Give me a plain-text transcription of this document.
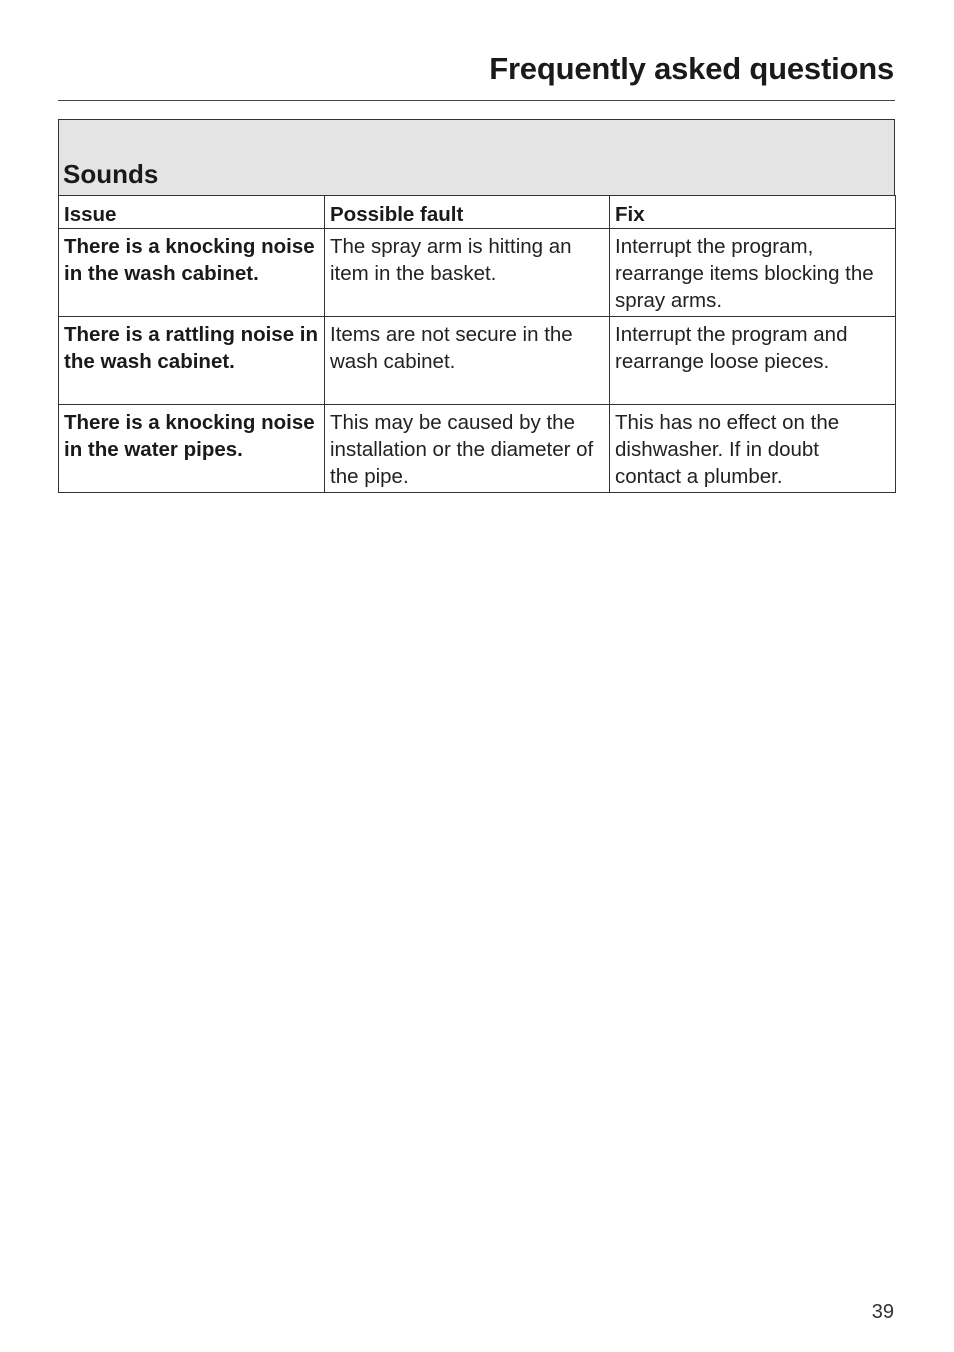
Frequently asked questions
Sounds
Issue	Possible fault	Fix
There is a knocking noise in the wash cabinet.	The spray arm is hitting an item in the basket.	Interrupt the program, rearrange items blocking the spray arms.
There is a rattling noise in the wash cabinet.	Items are not secure in the wash cabinet.	Interrupt the program and rearrange loose pieces.
There is a knocking noise in the water pipes.	This may be caused by the installation or the diameter of the pipe.	This has no effect on the dishwasher. If in doubt contact a plumber.
39
